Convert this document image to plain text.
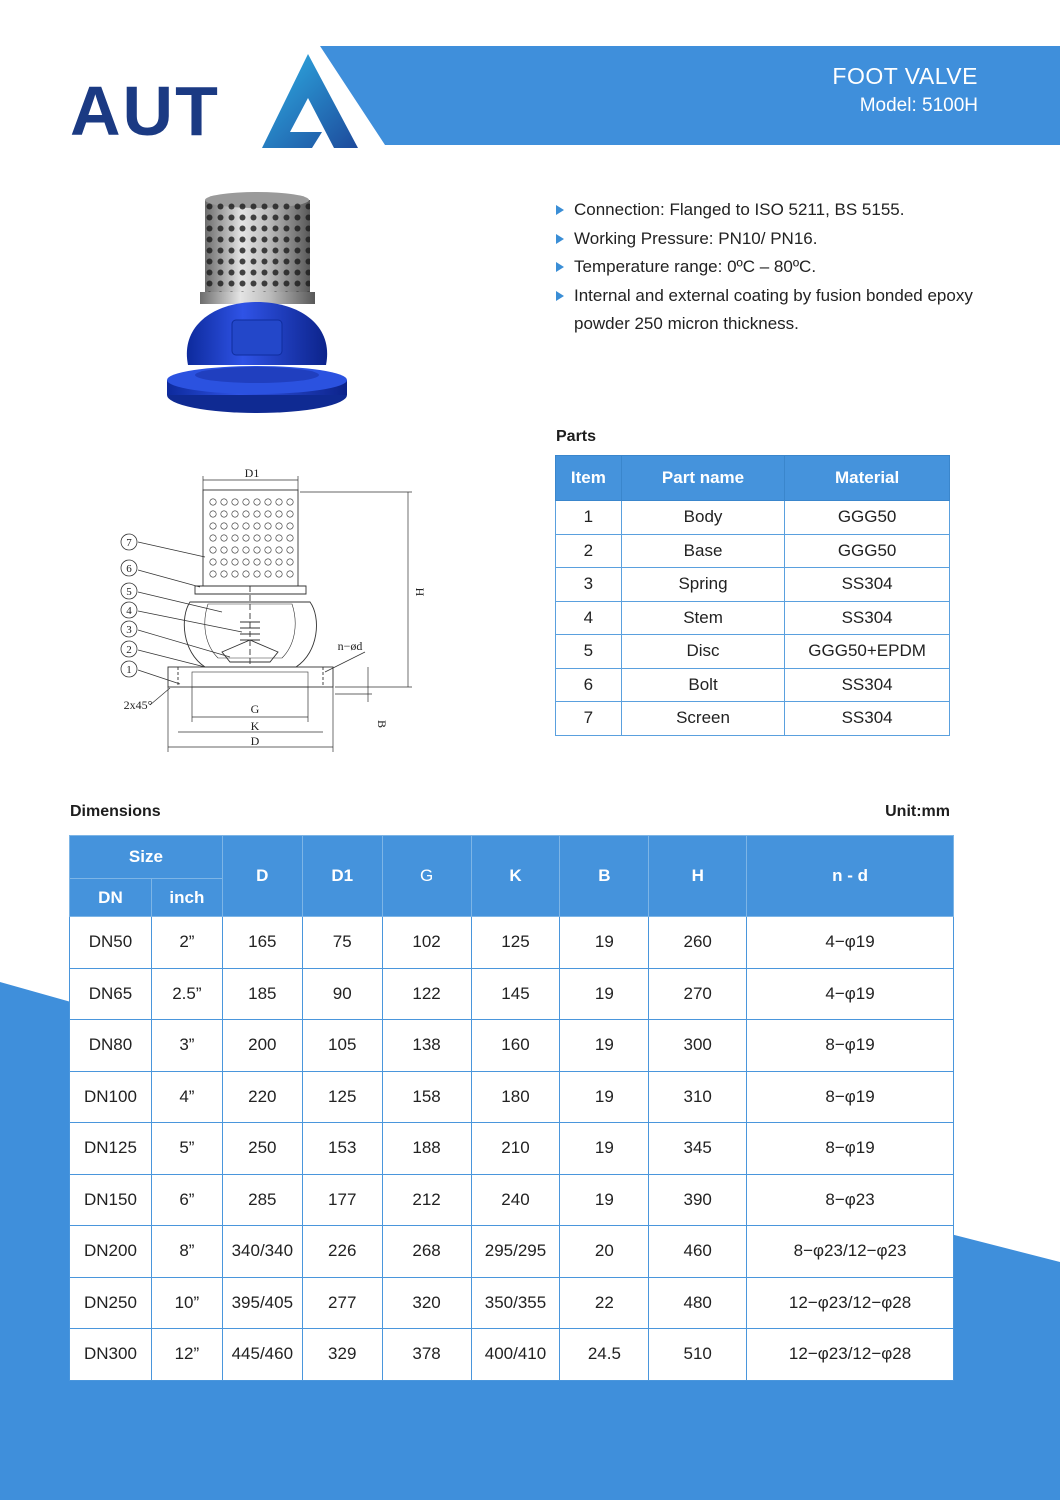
AUT	FOOT VALVE
Model: 5100H
7
6
5
4
3
2
1
D1
H
n−ød
2x45°	G
K
D
B
Connection: Flanged to ISO 5211, BS 5155.
Working Pressure: PN10/ PN16.
Temperature range: 0ºC – 80ºC.
Internal and external coating by fusion bonded epoxy powder 250 micron thickness.
Parts
Item	Part name	Material
1	Body	GGG50
2	Base	GGG50
3	Spring	SS304
4	Stem	SS304
5	Disc	GGG50+EPDM
6	Bolt	SS304
7	Screen	SS304
Dimensions	Unit:mm
Size		D	D1	G	K	B	H	n - d
DN	inch							
DN50	2”	165	75	102	125	19	260	4−φ19
DN65	2.5”	185	90	122	145	19	270	4−φ19
DN80	3”	200	105	138	160	19	300	8−φ19
DN100	4”	220	125	158	180	19	310	8−φ19
DN125	5”	250	153	188	210	19	345	8−φ19
DN150	6”	285	177	212	240	19	390	8−φ23
DN200	8”	340/340	226	268	295/295	20	460	8−φ23/12−φ23
DN250	10”	395/405	277	320	350/355	22	480	12−φ23/12−φ28
DN300	12”	445/460	329	378	400/410	24.5	510	12−φ23/12−φ28
